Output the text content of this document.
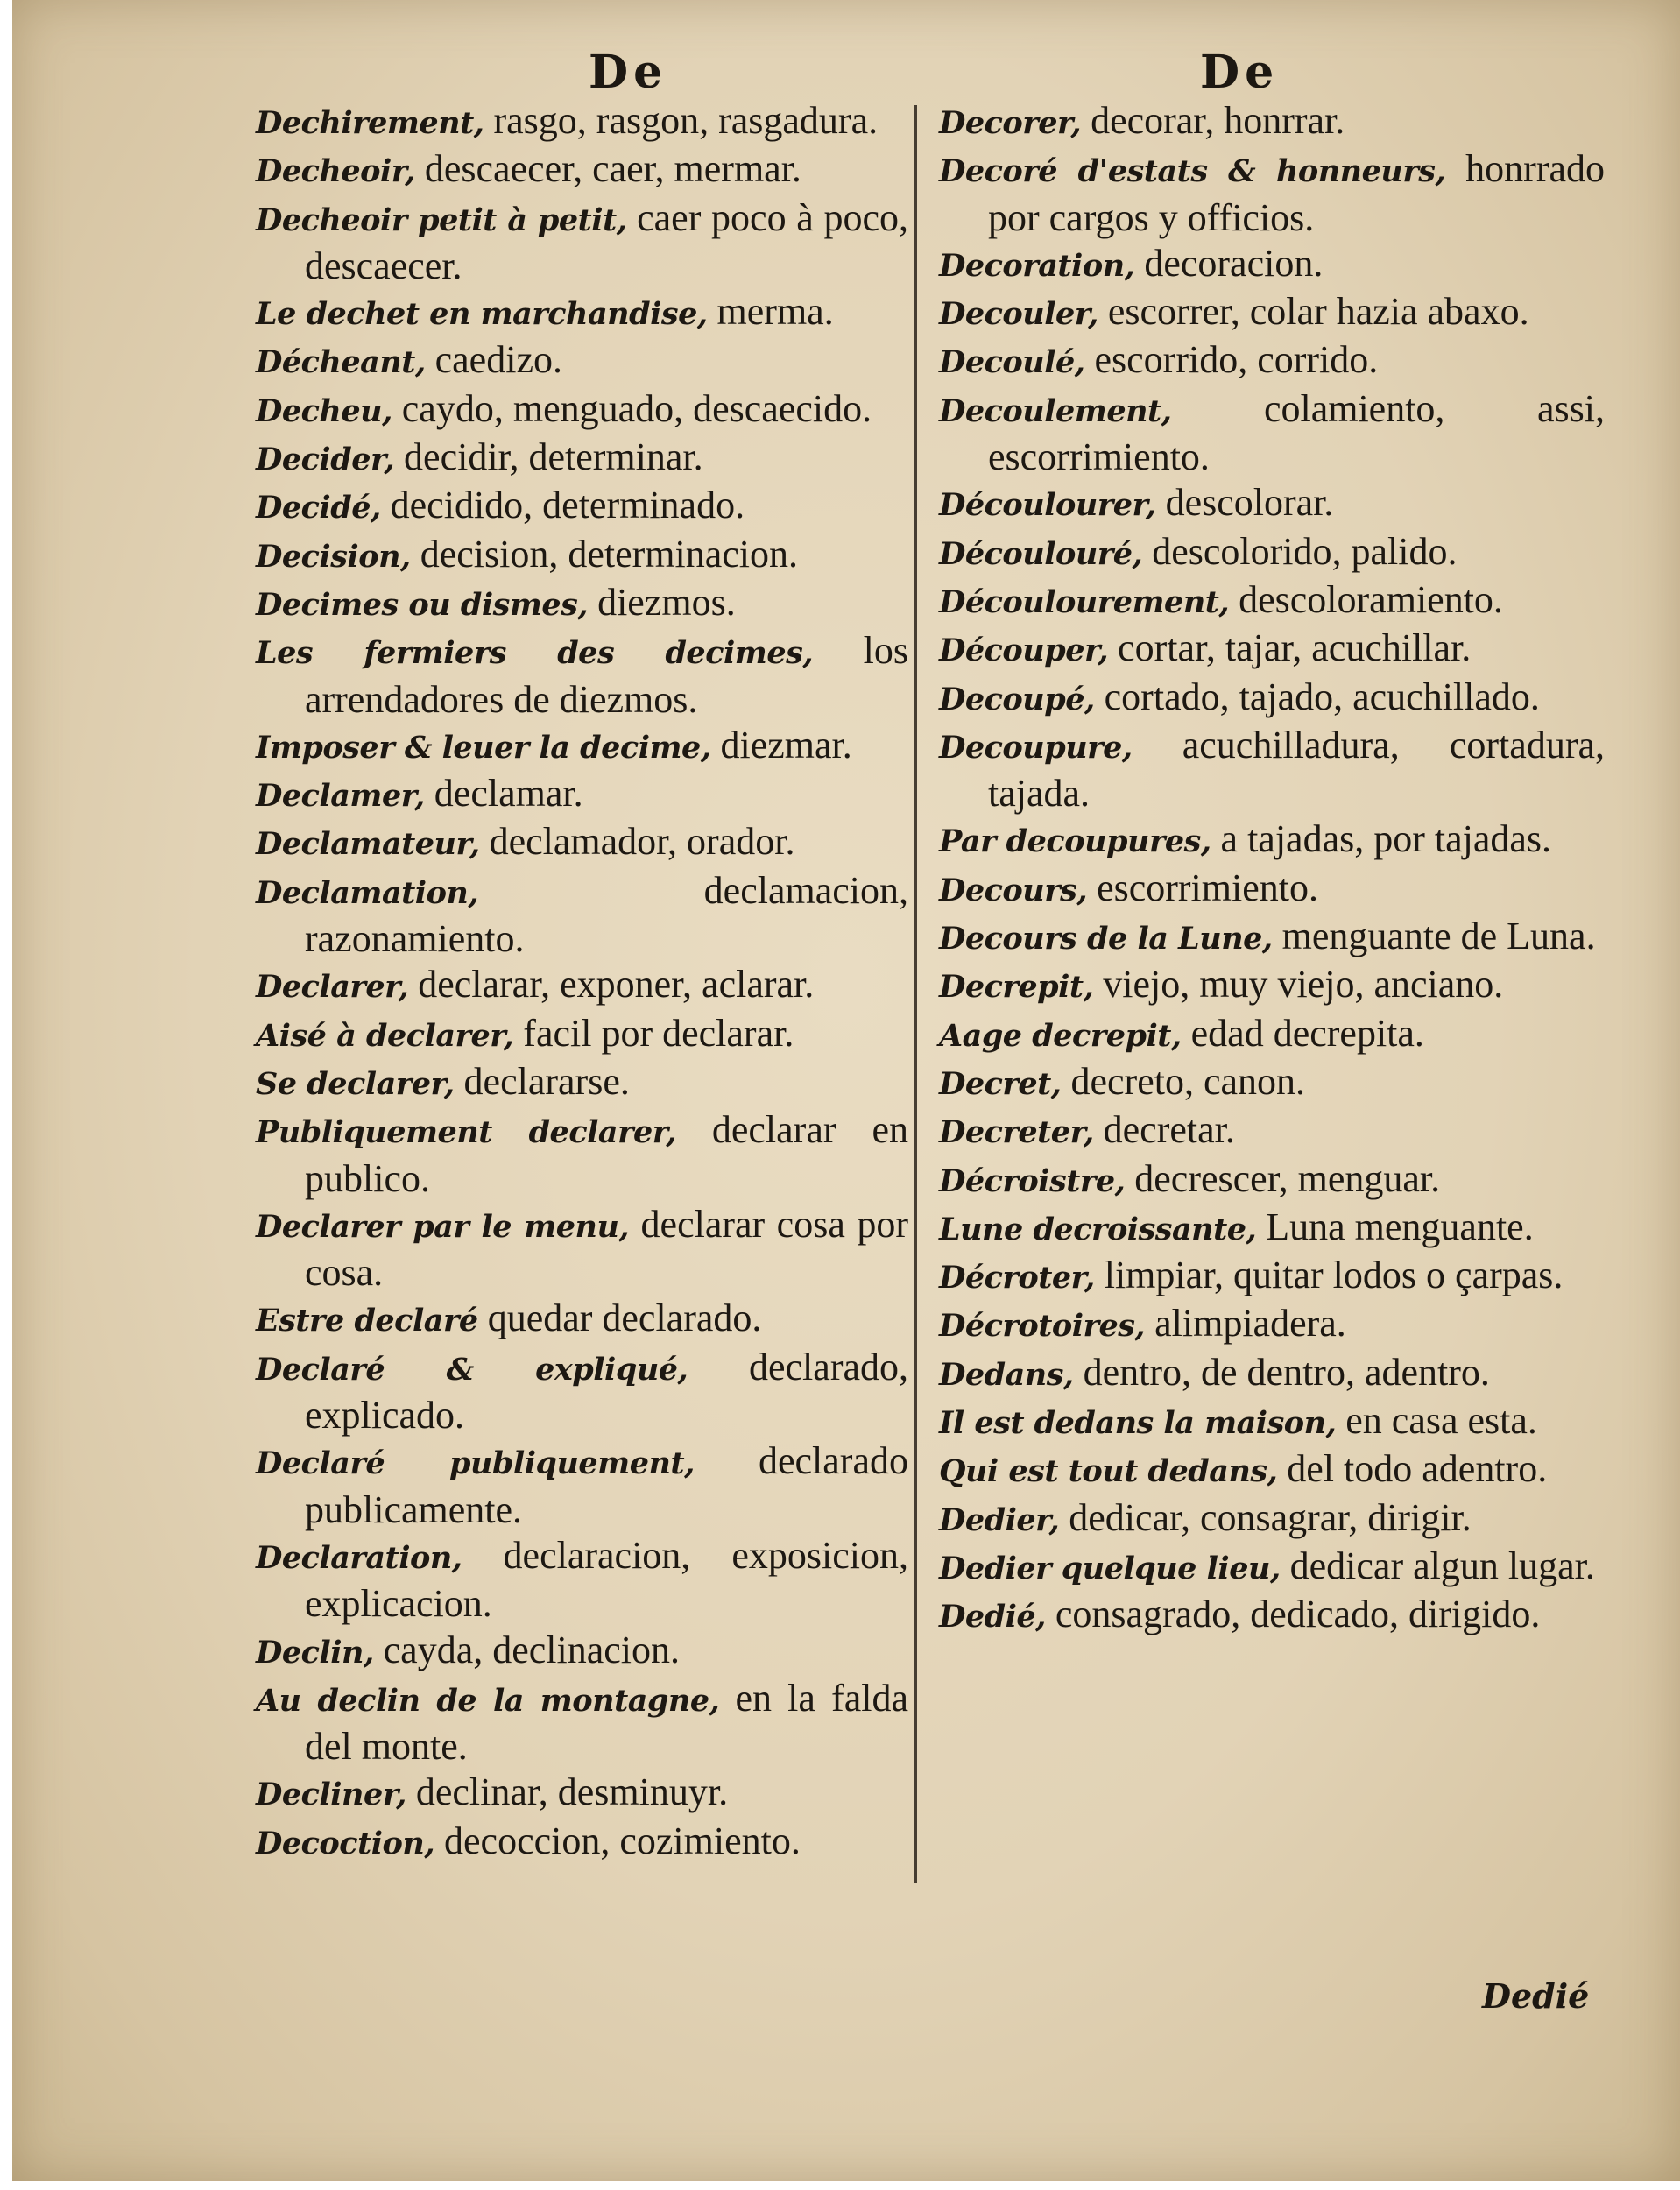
De	De

Dechirement, rasgo, rasgon, rasgadura.

Decheoir, descaecer, caer, mermar.

Decheoir petit à petit, caer poco à poco, descaecer.

Le dechet en marchandise, merma.

Décheant, caedizo.

Decheu, caydo, menguado, descaecido.

Decider, decidir, determinar.

Decidé, decidido, determinado.

Decision, decision, determinacion.

Decimes ou dismes, diezmos.

Les fermiers des decimes, los arrendadores de diezmos.

Imposer & leuer la decime, diezmar.

Declamer, declamar.

Declamateur, declamador, orador.

Declamation, declamacion, razonamiento.

Declarer, declarar, exponer, aclarar.

Aisé à declarer, facil por declarar.

Se declarer, declararse.

Publiquement declarer, declarar en publico.

Declarer par le menu, declarar cosa por cosa.

Estre declaré quedar declarado.

Declaré & expliqué, declarado, explicado.

Declaré publiquement, declarado publicamente.

Declaration, declaracion, exposicion, explicacion.

Declin, cayda, declinacion.

Au declin de la montagne, en la falda del monte.

Decliner, declinar, desminuyr.

Decoction, decoccion, cozimiento.

Decorer, decorar, honrrar.

Decoré d'estats & honneurs, honrrado por cargos y officios.

Decoration, decoracion.

Decouler, escorrer, colar hazia abaxo.

Decoulé, escorrido, corrido.

Decoulement, colamiento, assi, escorrimiento.

Découlourer, descolorar.

Découlouré, descolorido, palido.

Découlourement, descoloramiento.

Découper, cortar, tajar, acuchillar.

Decoupé, cortado, tajado, acuchillado.

Decoupure, acuchilladura, cortadura, tajada.

Par decoupures, a tajadas, por tajadas.

Decours, escorrimiento.

Decours de la Lune, menguante de Luna.

Decrepit, viejo, muy viejo, anciano.

Aage decrepit, edad decrepita.

Decret, decreto, canon.

Decreter, decretar.

Décroistre, decrescer, menguar.

Lune decroissante, Luna menguante.

Décroter, limpiar, quitar lodos o çarpas.

Décrotoires, alimpiadera.

Dedans, dentro, de dentro, adentro.

Il est dedans la maison, en casa esta.

Qui est tout dedans, del todo adentro.

Dedier, dedicar, consagrar, dirigir.

Dedier quelque lieu, dedicar algun lugar.

Dedié, consagrado, dedicado, dirigido.

Dedié
